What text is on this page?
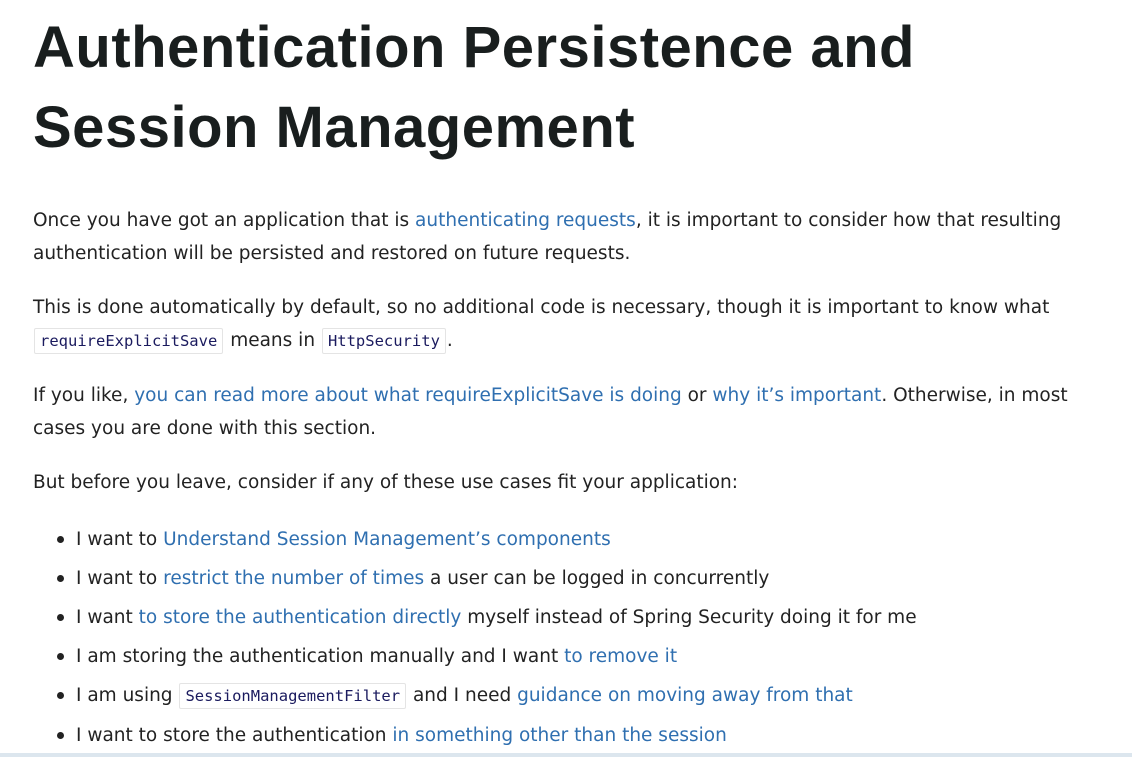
Authentication Persistence and
Session Management

Once you have got an application that is authenticating requests, it is important to consider how that resulting authentication will be persisted and restored on future requests.

This is done automatically by default, so no additional code is necessary, though it is important to know what requireExplicitSave means in HttpSecurity .

If you like, you can read more about what requireExplicitSave is doing or why it’s important. Otherwise, in most cases you are done with this section.

But before you leave, consider if any of these use cases fit your application:

I want to Understand Session Management’s components
I want to restrict the number of times a user can be logged in concurrently
I want to store the authentication directly myself instead of Spring Security doing it for me
I am storing the authentication manually and I want to remove it
I am using SessionManagementFilter and I need guidance on moving away from that
I want to store the authentication in something other than the session
